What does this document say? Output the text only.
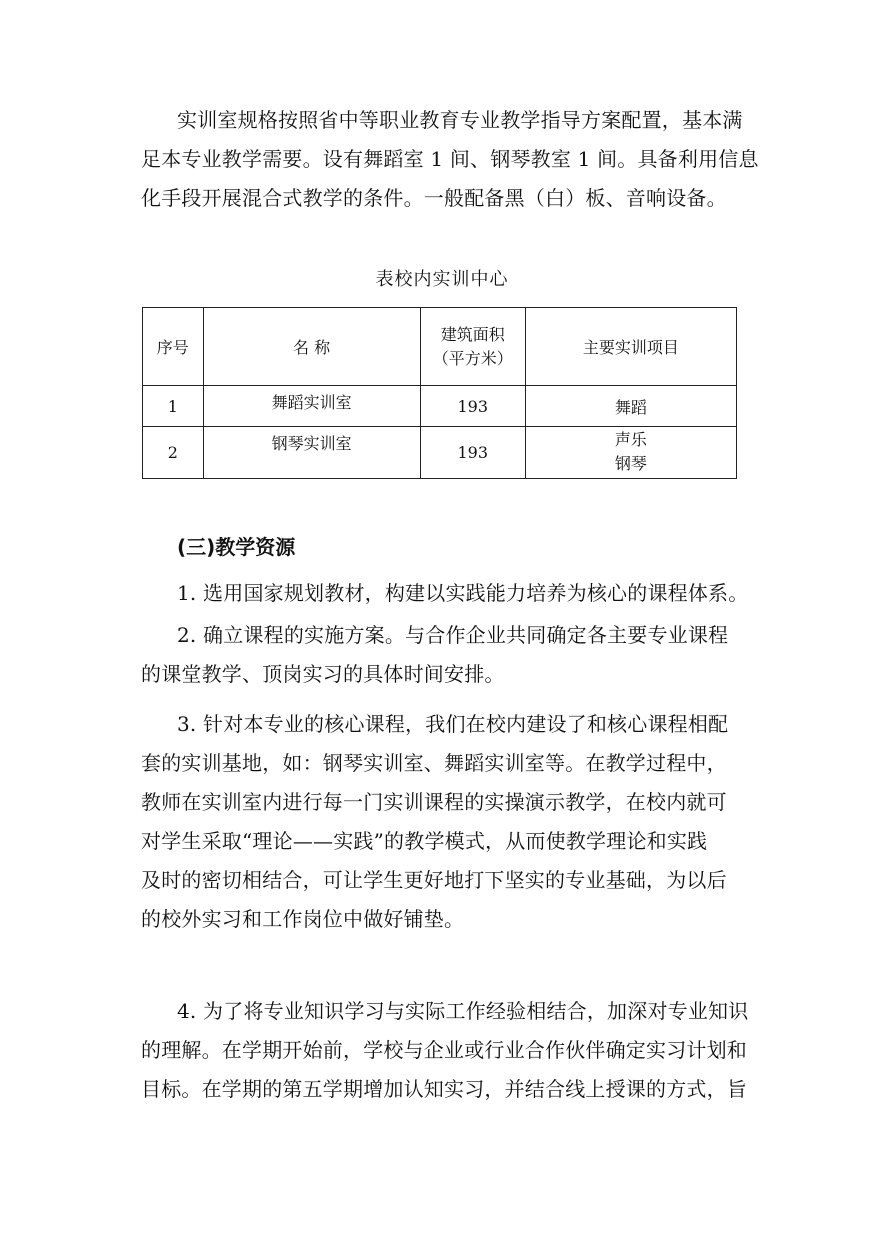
实训室规格按照省中等职业教育专业教学指导方案配置，基本满
足本专业教学需要。设有舞蹈室 1 间、钢琴教室 1 间。具备利用信息
化手段开展混合式教学的条件。一般配备黑（白）板、音响设备。

表校内实训中心

序号	名 称	建筑面积
（平方米）	主要实训项目
1	舞蹈实训室	193	舞蹈
2	钢琴实训室	193	声乐
钢琴

(三)教学资源

1. 选用国家规划教材，构建以实践能力培养为核心的课程体系。

2. 确立课程的实施方案。与合作企业共同确定各主要专业课程
的课堂教学、顶岗实习的具体时间安排。

3. 针对本专业的核心课程，我们在校内建设了和核心课程相配
套的实训基地，如：钢琴实训室、舞蹈实训室等。在教学过程中，
教师在实训室内进行每一门实训课程的实操演示教学，在校内就可
对学生采取“理论——实践”的教学模式，从而使教学理论和实践
及时的密切相结合，可让学生更好地打下坚实的专业基础，为以后
的校外实习和工作岗位中做好铺垫。

4. 为了将专业知识学习与实际工作经验相结合，加深对专业知识
的理解。在学期开始前，学校与企业或行业合作伙伴确定实习计划和
目标。在学期的第五学期增加认知实习，并结合线上授课的方式，旨
